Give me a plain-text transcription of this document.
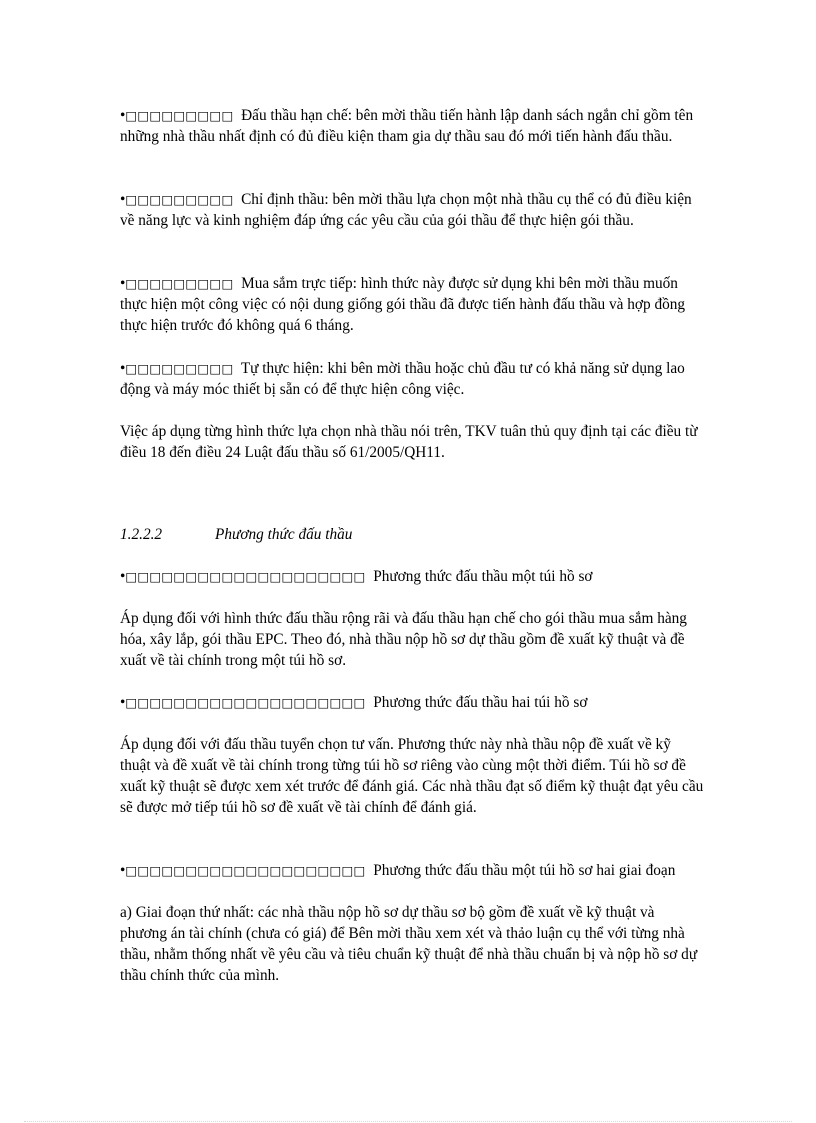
•□□□□□□□□□ Đấu thầu hạn chế: bên mời thầu tiến hành lập danh sách ngắn chỉ gồm tên những nhà thầu nhất định có đủ điều kiện tham gia dự thầu sau đó mới tiến hành đấu thầu.

•□□□□□□□□□ Chỉ định thầu: bên mời thầu lựa chọn một nhà thầu cụ thể có đủ điều kiện về năng lực và kinh nghiệm đáp ứng các yêu cầu của gói thầu để thực hiện gói thầu.

•□□□□□□□□□ Mua sắm trực tiếp: hình thức này được sử dụng khi bên mời thầu muốn thực hiện một công việc có nội dung giống gói thầu đã được tiến hành đấu thầu và hợp đồng thực hiện trước đó không quá 6 tháng.

•□□□□□□□□□ Tự thực hiện: khi bên mời thầu hoặc chủ đầu tư có khả năng sử dụng lao động và máy móc thiết bị sẵn có để thực hiện công việc.

Việc áp dụng từng hình thức lựa chọn nhà thầu nói trên, TKV tuân thủ quy định tại các điều từ điều 18 đến điều 24 Luật đấu thầu số 61/2005/QH11.

1.2.2.2	Phương thức đấu thầu

•□□□□□□□□□□□□□□□□□□□□ Phương thức đấu thầu một túi hồ sơ

Áp dụng đối với hình thức đấu thầu rộng rãi và đấu thầu hạn chế cho gói thầu mua sắm hàng hóa, xây lắp, gói thầu EPC. Theo đó, nhà thầu nộp hồ sơ dự thầu gồm đề xuất kỹ thuật và đề xuất về tài chính trong một túi hồ sơ.

•□□□□□□□□□□□□□□□□□□□□ Phương thức đấu thầu hai túi hồ sơ

Áp dụng đối với đấu thầu tuyển chọn tư vấn. Phương thức này nhà thầu nộp đề xuất về kỹ thuật và đề xuất về tài chính trong từng túi hồ sơ riêng vào cùng một thời điểm. Túi hồ sơ đề xuất kỹ thuật sẽ được xem xét trước để đánh giá. Các nhà thầu đạt số điểm kỹ thuật đạt yêu cầu sẽ được mở tiếp túi hồ sơ đề xuất về tài chính để đánh giá.

•□□□□□□□□□□□□□□□□□□□□ Phương thức đấu thầu một túi hồ sơ hai giai đoạn

a) Giai đoạn thứ nhất: các nhà thầu nộp hồ sơ dự thầu sơ bộ gồm đề xuất về kỹ thuật và phương án tài chính (chưa có giá) để Bên mời thầu xem xét và thảo luận cụ thể với từng nhà thầu, nhằm thống nhất về yêu cầu và tiêu chuẩn kỹ thuật để nhà thầu chuẩn bị và nộp hồ sơ dự thầu chính thức của mình.
